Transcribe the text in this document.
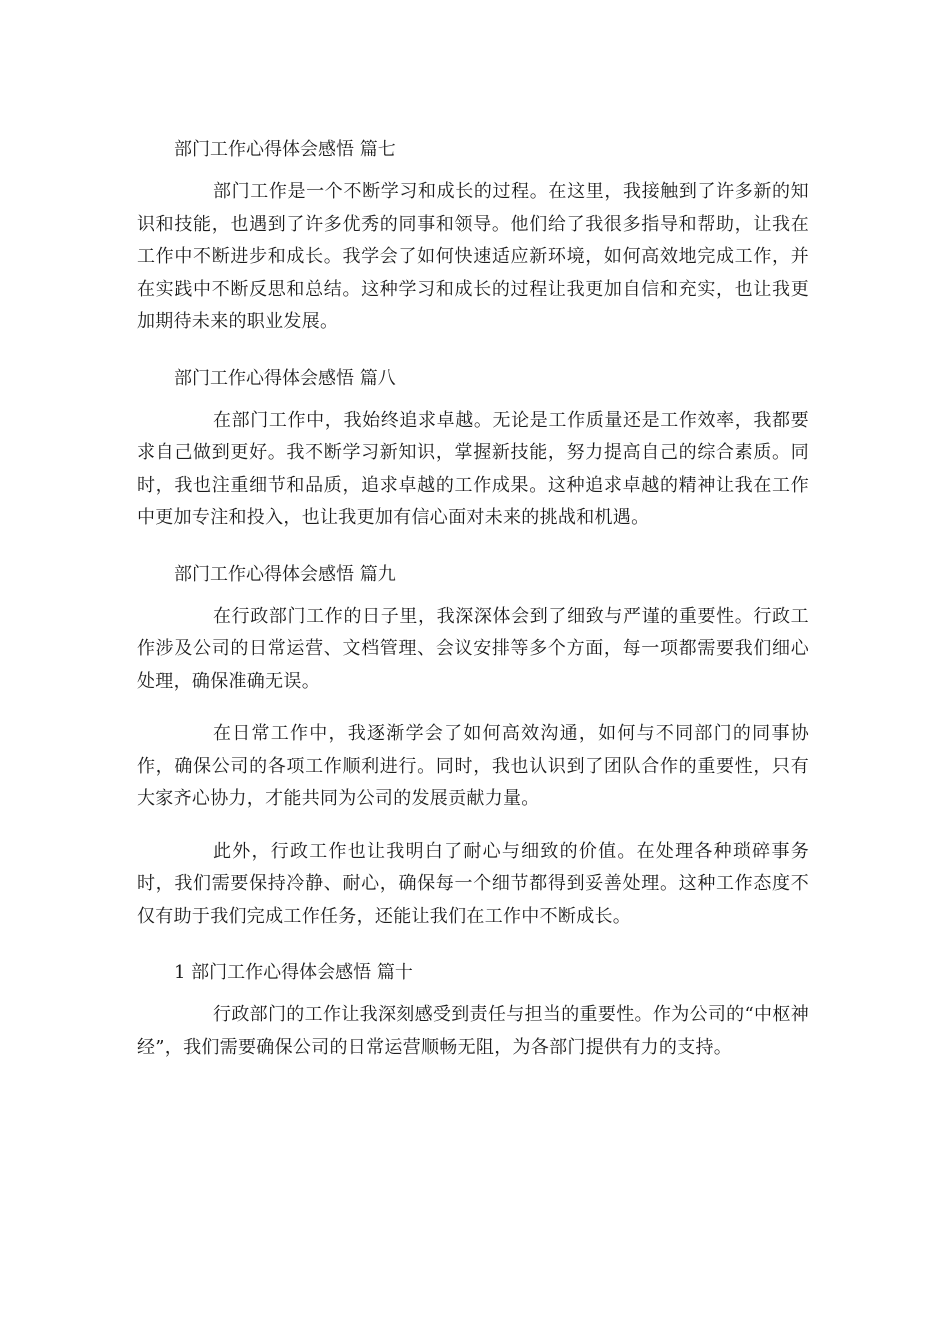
部门工作心得体会感悟 篇七

部门工作是一个不断学习和成长的过程。在这里，我接触到了许多新的知识和技能，也遇到了许多优秀的同事和领导。他们给了我很多指导和帮助，让我在工作中不断进步和成长。我学会了如何快速适应新环境，如何高效地完成工作，并在实践中不断反思和总结。这种学习和成长的过程让我更加自信和充实，也让我更加期待未来的职业发展。

部门工作心得体会感悟 篇八

在部门工作中，我始终追求卓越。无论是工作质量还是工作效率，我都要求自己做到更好。我不断学习新知识，掌握新技能，努力提高自己的综合素质。同时，我也注重细节和品质，追求卓越的工作成果。这种追求卓越的精神让我在工作中更加专注和投入，也让我更加有信心面对未来的挑战和机遇。

部门工作心得体会感悟 篇九

在行政部门工作的日子里，我深深体会到了细致与严谨的重要性。行政工作涉及公司的日常运营、文档管理、会议安排等多个方面，每一项都需要我们细心处理，确保准确无误。

在日常工作中，我逐渐学会了如何高效沟通，如何与不同部门的同事协作，确保公司的各项工作顺利进行。同时，我也认识到了团队合作的重要性，只有大家齐心协力，才能共同为公司的发展贡献力量。

此外，行政工作也让我明白了耐心与细致的价值。在处理各种琐碎事务时，我们需要保持冷静、耐心，确保每一个细节都得到妥善处理。这种工作态度不仅有助于我们完成工作任务，还能让我们在工作中不断成长。

1 部门工作心得体会感悟 篇十

行政部门的工作让我深刻感受到责任与担当的重要性。作为公司的“中枢神经”，我们需要确保公司的日常运营顺畅无阻，为各部门提供有力的支持。
